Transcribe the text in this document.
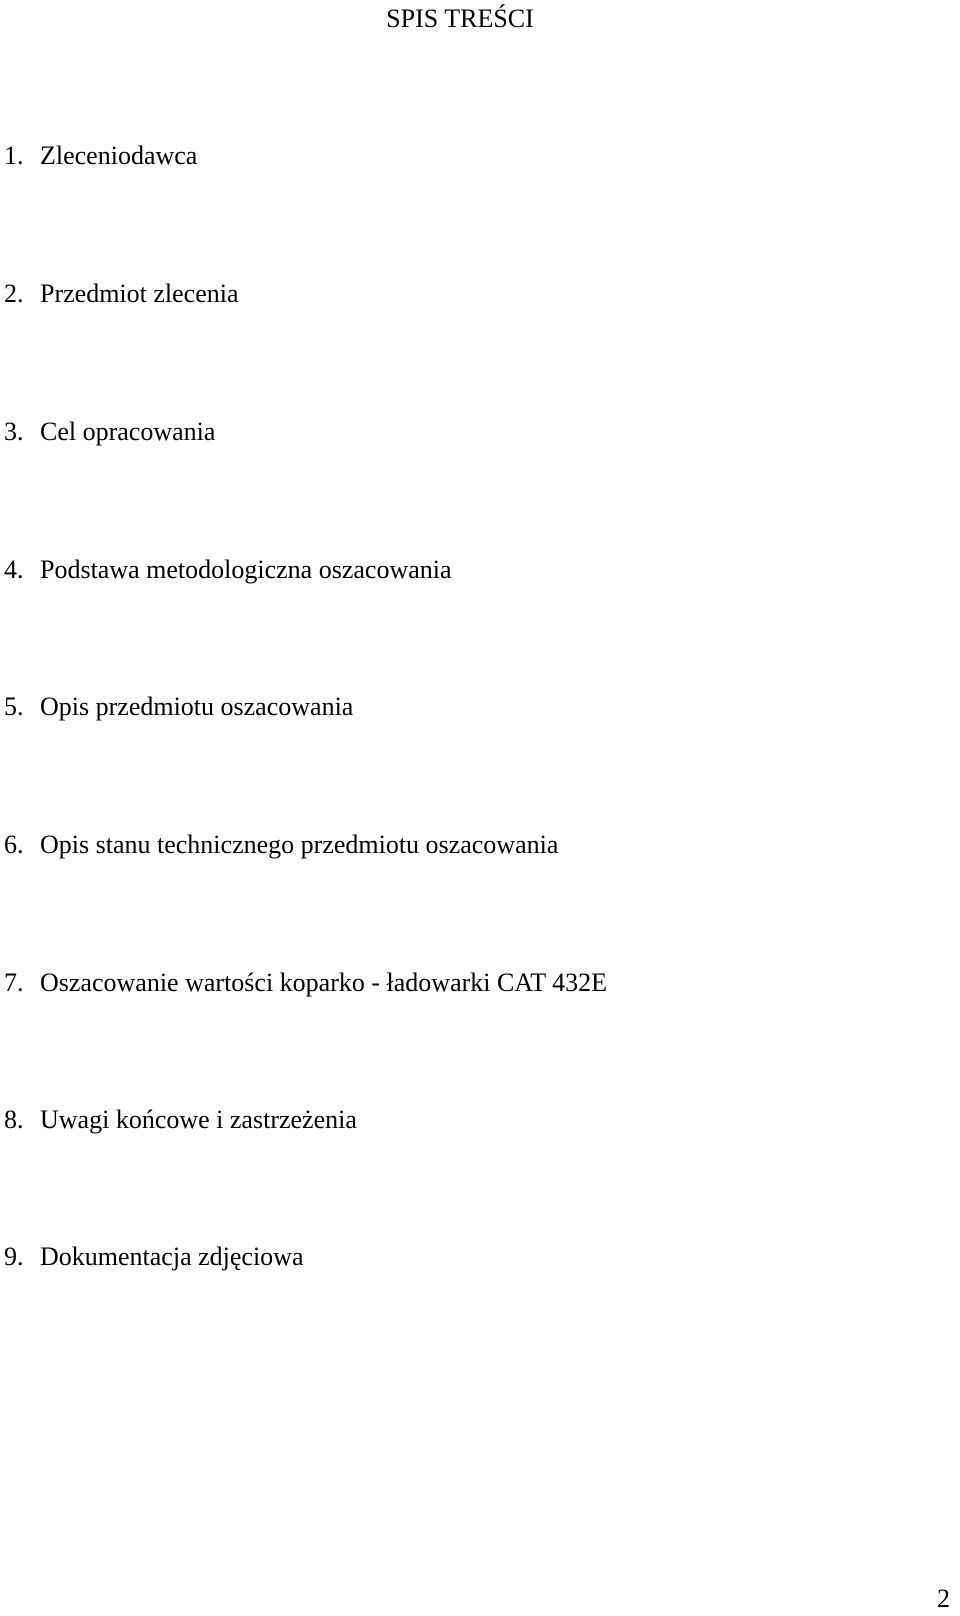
SPIS TREŚCI
1. Zleceniodawca
2. Przedmiot zlecenia
3. Cel opracowania
4. Podstawa metodologiczna oszacowania
5. Opis przedmiotu oszacowania
6. Opis stanu technicznego przedmiotu oszacowania
7. Oszacowanie wartości koparko - ładowarki CAT 432E
8. Uwagi końcowe i zastrzeżenia
9. Dokumentacja zdjęciowa
2
